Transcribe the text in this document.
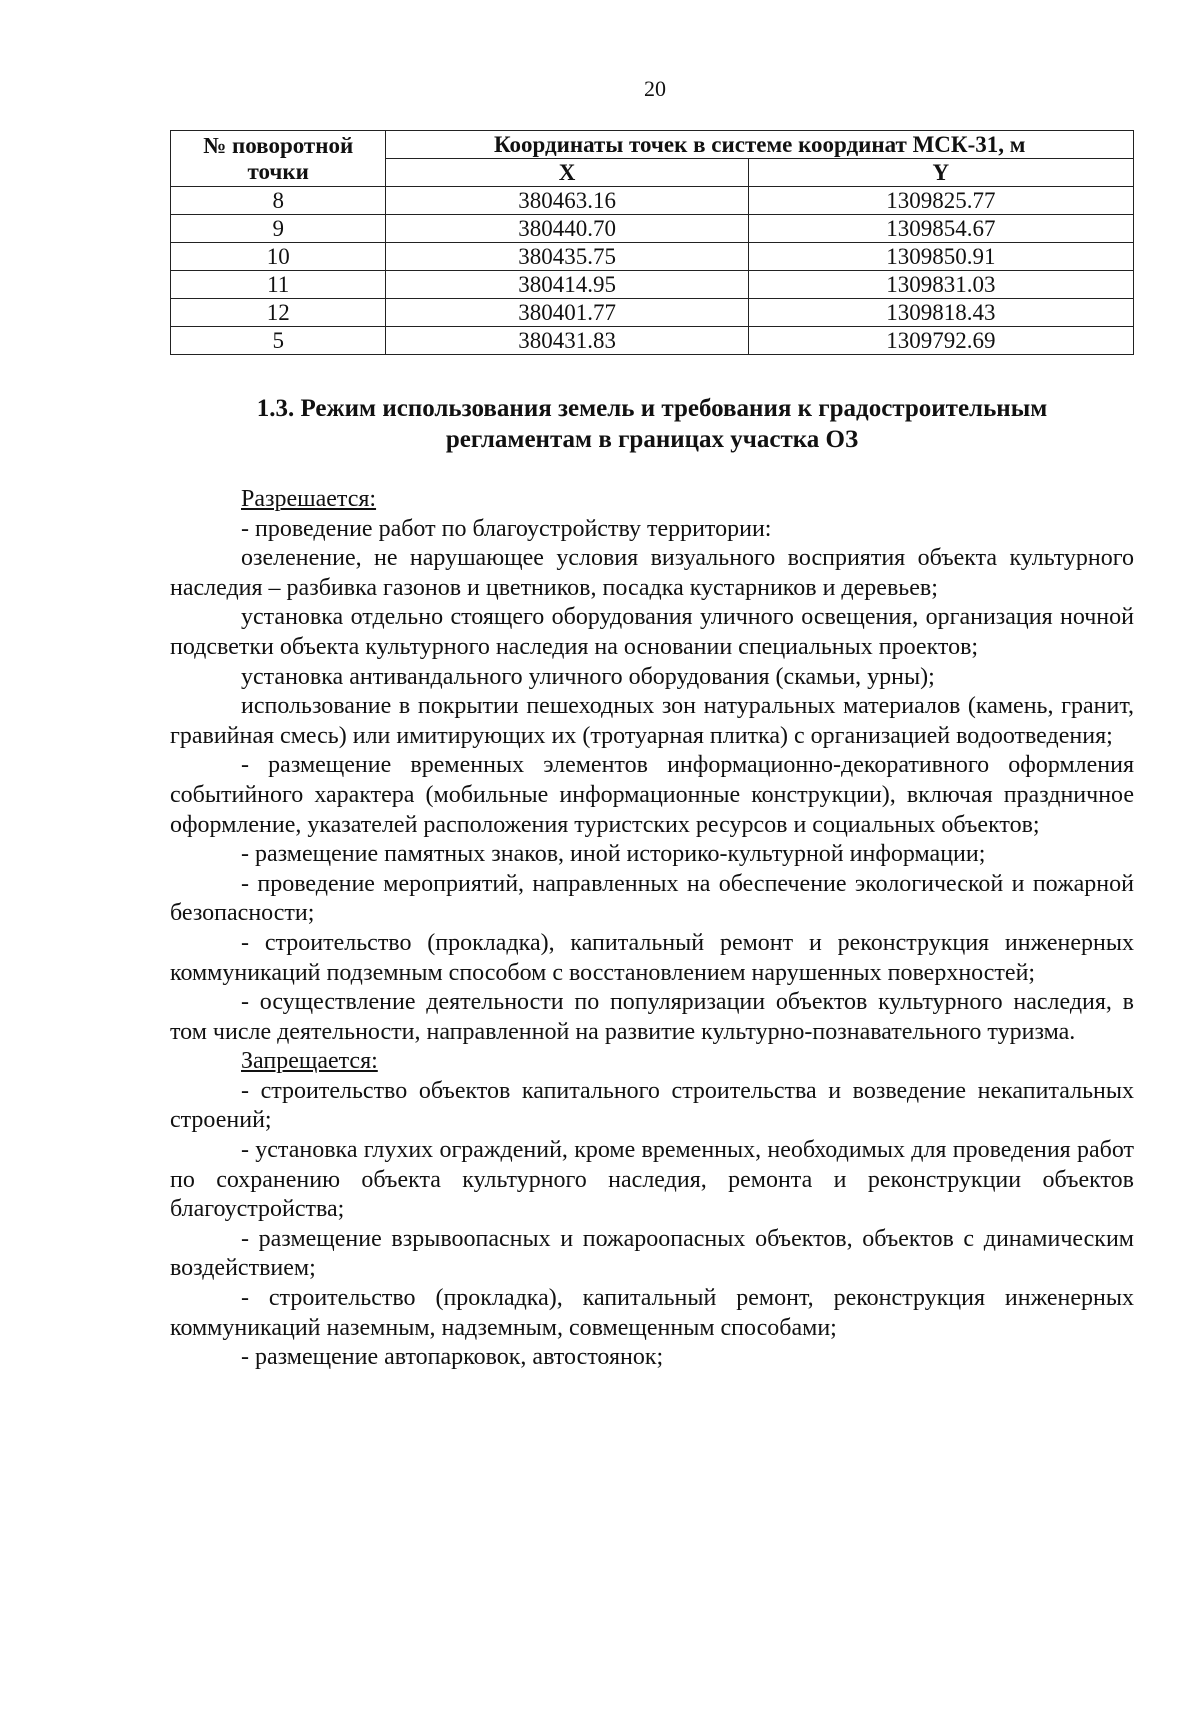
20
№ поворотной точки	Координаты точек в системе координат МСК-31, м	
	X	Y
8	380463.16	1309825.77
9	380440.70	1309854.67
10	380435.75	1309850.91
11	380414.95	1309831.03
12	380401.77	1309818.43
5	380431.83	1309792.69
1.3. Режим использования земель и требования к градостроительным
регламентам в границах участка ОЗ

Разрешается:

- проведение работ по благоустройству территории:

озеленение, не нарушающее условия визуального восприятия объекта культурного наследия – разбивка газонов и цветников, посадка кустарников и деревьев;

установка отдельно стоящего оборудования уличного освещения, организация ночной подсветки объекта культурного наследия на основании специальных проектов;

установка антивандального уличного оборудования (скамьи, урны);

использование в покрытии пешеходных зон натуральных материалов (камень, гранит, гравийная смесь) или имитирующих их (тротуарная плитка) с организацией водоотведения;

- размещение временных элементов информационно-декоративного оформления событийного характера (мобильные информационные конструкции), включая праздничное оформление, указателей расположения туристских ресурсов и социальных объектов;

- размещение памятных знаков, иной историко-культурной информации;

- проведение мероприятий, направленных на обеспечение экологической и пожарной безопасности;

- строительство (прокладка), капитальный ремонт и реконструкция инженерных коммуникаций подземным способом с восстановлением нарушенных поверхностей;

- осуществление деятельности по популяризации объектов культурного наследия, в том числе деятельности, направленной на развитие культурно-познавательного туризма.

Запрещается:

- строительство объектов капитального строительства и возведение некапитальных строений;

- установка глухих ограждений, кроме временных, необходимых для проведения работ по сохранению объекта культурного наследия, ремонта и реконструкции объектов благоустройства;

- размещение взрывоопасных и пожароопасных объектов, объектов с динамическим воздействием;

- строительство (прокладка), капитальный ремонт, реконструкция инженерных коммуникаций наземным, надземным, совмещенным способами;

- размещение автопарковок, автостоянок;
